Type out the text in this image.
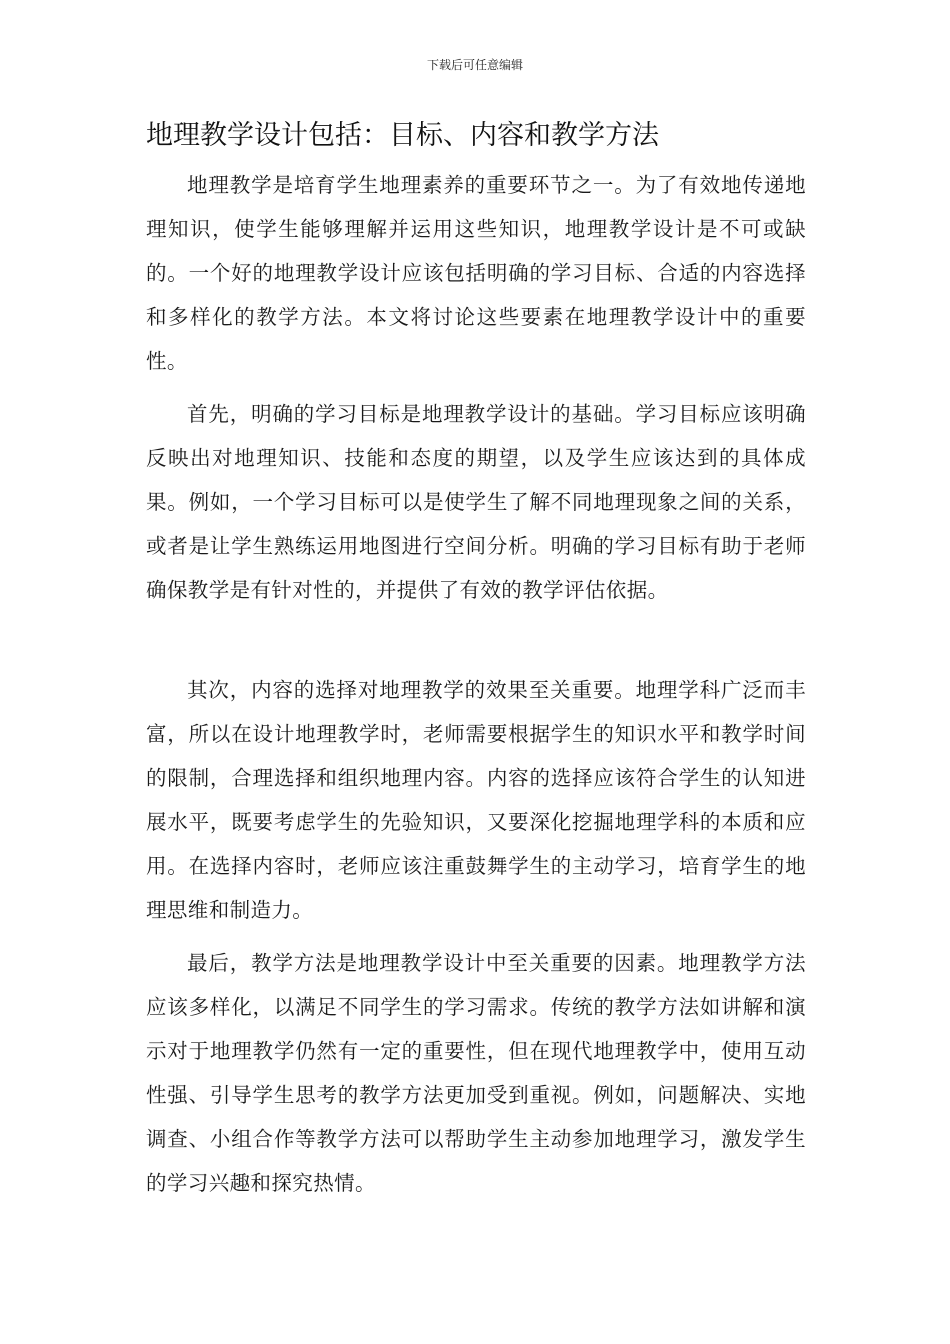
下载后可任意编辑
地理教学设计包括：目标、内容和教学方法

地理教学是培育学生地理素养的重要环节之一。为了有效地传递地理知识，使学生能够理解并运用这些知识，地理教学设计是不可或缺的。一个好的地理教学设计应该包括明确的学习目标、合适的内容选择和多样化的教学方法。本文将讨论这些要素在地理教学设计中的重要性。

首先，明确的学习目标是地理教学设计的基础。学习目标应该明确反映出对地理知识、技能和态度的期望，以及学生应该达到的具体成果。例如，一个学习目标可以是使学生了解不同地理现象之间的关系，或者是让学生熟练运用地图进行空间分析。明确的学习目标有助于老师确保教学是有针对性的，并提供了有效的教学评估依据。

其次，内容的选择对地理教学的效果至关重要。地理学科广泛而丰富，所以在设计地理教学时，老师需要根据学生的知识水平和教学时间的限制，合理选择和组织地理内容。内容的选择应该符合学生的认知进展水平，既要考虑学生的先验知识，又要深化挖掘地理学科的本质和应用。在选择内容时，老师应该注重鼓舞学生的主动学习，培育学生的地理思维和制造力。

最后，教学方法是地理教学设计中至关重要的因素。地理教学方法应该多样化，以满足不同学生的学习需求。传统的教学方法如讲解和演示对于地理教学仍然有一定的重要性，但在现代地理教学中，使用互动性强、引导学生思考的教学方法更加受到重视。例如，问题解决、实地调查、小组合作等教学方法可以帮助学生主动参加地理学习，激发学生的学习兴趣和探究热情。
